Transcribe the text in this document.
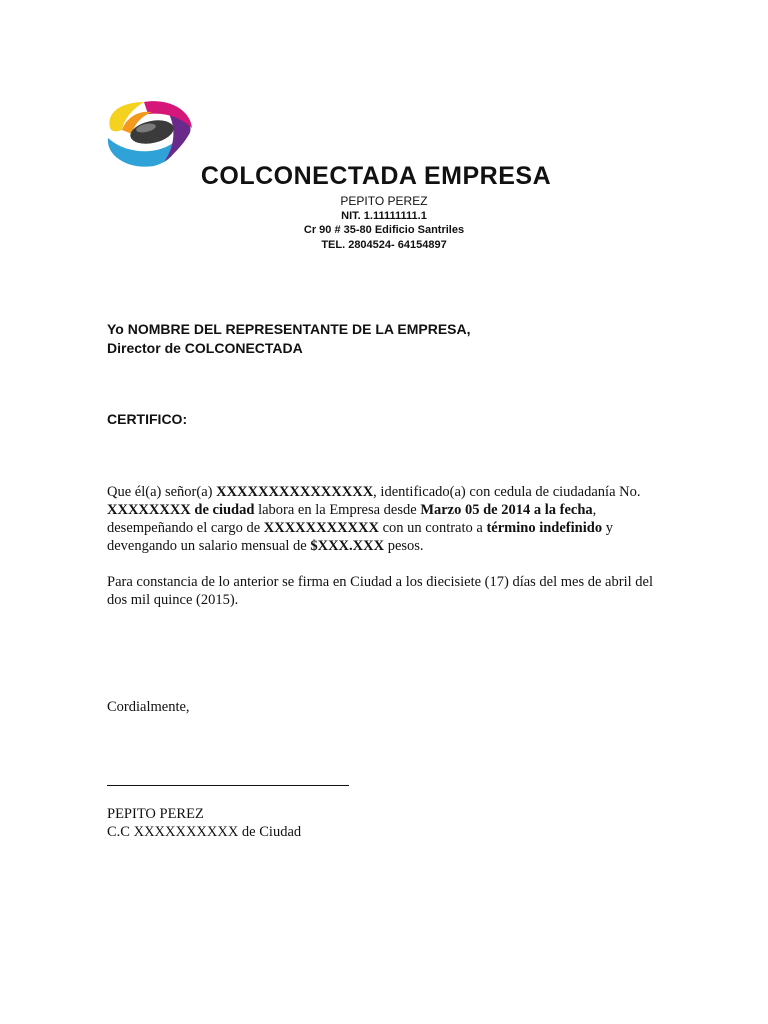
COLCONECTADA EMPRESA
PEPITO PEREZ
NIT. 1.11111111.1
Cr 90 # 35-80 Edificio Santriles
TEL. 2804524- 64154897
Yo NOMBRE DEL REPRESENTANTE DE LA EMPRESA,
Director de COLCONECTADA
CERTIFICO:
Que él(a) señor(a) XXXXXXXXXXXXXXX, identificado(a) con cedula de ciudadanía No. XXXXXXXX de ciudad labora en la Empresa desde Marzo 05 de 2014 a la fecha, desempeñando el cargo de XXXXXXXXXXX con un contrato a término indefinido y devengando un salario mensual de $XXX.XXX pesos.
Para constancia de lo anterior se firma en Ciudad a los diecisiete (17) días del mes de abril del dos mil quince (2015).
Cordialmente,
PEPITO PEREZ
C.C XXXXXXXXXX de Ciudad
